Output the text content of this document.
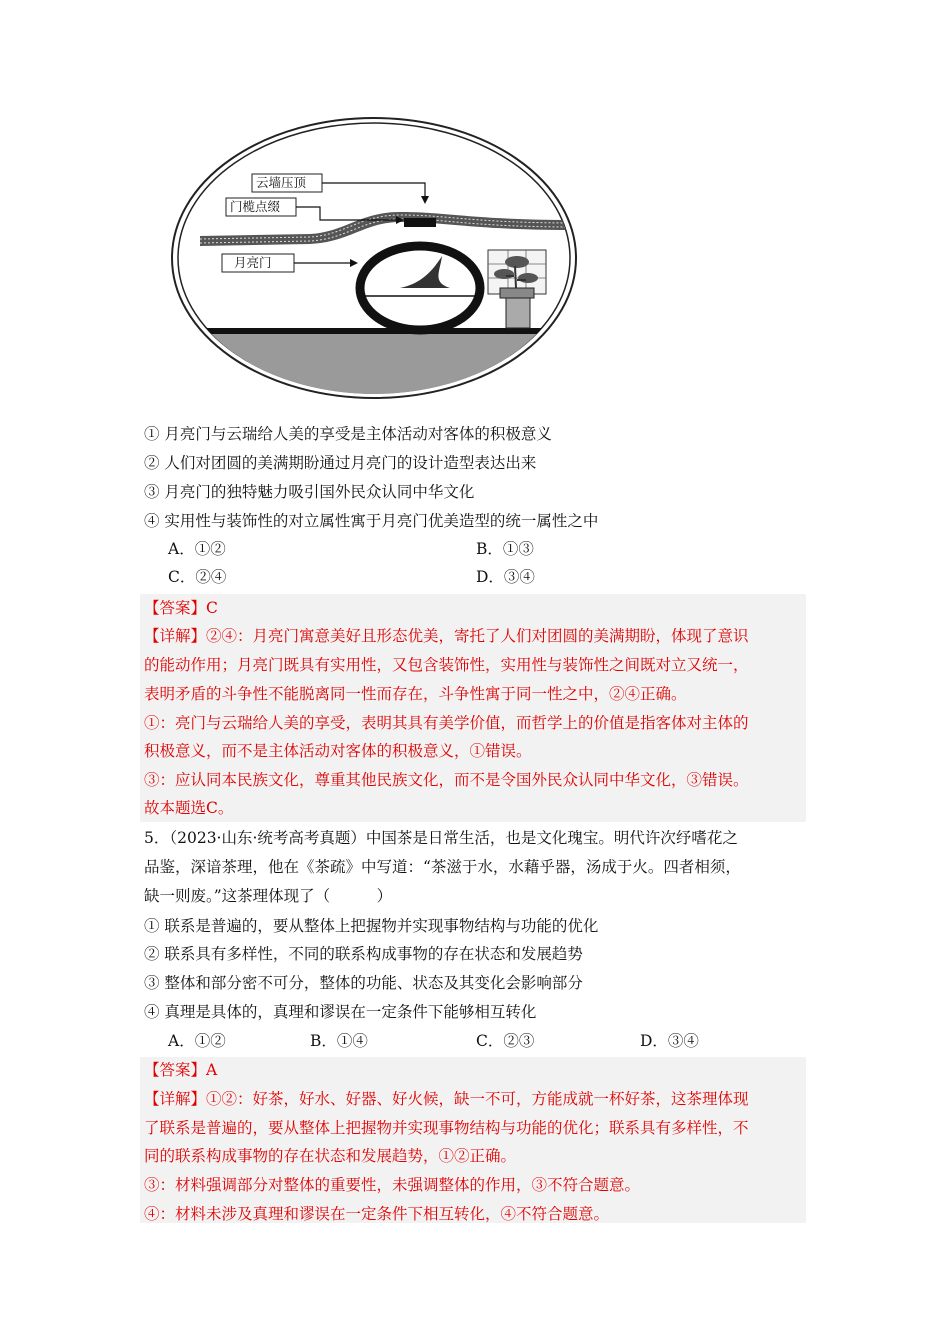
云墙压顶
门榄点缀
月亮门
① 月亮门与云瑞给人美的享受是主体活动对客体的积极意义
② 人们对团圆的美满期盼通过月亮门的设计造型表达出来
③ 月亮门的独特魅力吸引国外民众认同中华文化
④ 实用性与装饰性的对立属性寓于月亮门优美造型的统一属性之中
A．①②	B．①③
C．②④	D．③④
【答案】C
【详解】②④：月亮门寓意美好且形态优美，寄托了人们对团圆的美满期盼，体现了意识
的能动作用；月亮门既具有实用性，又包含装饰性，实用性与装饰性之间既对立又统一，
表明矛盾的斗争性不能脱离同一性而存在，斗争性寓于同一性之中，②④正确。
①：亮门与云瑞给人美的享受，表明其具有美学价值，而哲学上的价值是指客体对主体的
积极意义，而不是主体活动对客体的积极意义，①错误。
③：应认同本民族文化，尊重其他民族文化，而不是令国外民众认同中华文化，③错误。
故本题选C。
5．（2023·山东·统考高考真题）中国茶是日常生活，也是文化瑰宝。明代许次纾嗜花之
品鉴，深谙茶理，他在《茶疏》中写道：“茶滋于水，水藉乎器，汤成于火。四者相须，
缺一则废。”这茶理体现了（　　　）
① 联系是普遍的，要从整体上把握物并实现事物结构与功能的优化
② 联系具有多样性，不同的联系构成事物的存在状态和发展趋势
③ 整体和部分密不可分，整体的功能、状态及其变化会影响部分
④ 真理是具体的，真理和谬误在一定条件下能够相互转化
A．①②	B．①④	C．②③	D．③④
【答案】A
【详解】①②：好茶，好水、好器、好火候，缺一不可，方能成就一杯好茶，这茶理体现
了联系是普遍的，要从整体上把握物并实现事物结构与功能的优化；联系具有多样性，不
同的联系构成事物的存在状态和发展趋势，①②正确。
③：材料强调部分对整体的重要性，未强调整体的作用，③不符合题意。
④：材料未涉及真理和谬误在一定条件下相互转化，④不符合题意。
